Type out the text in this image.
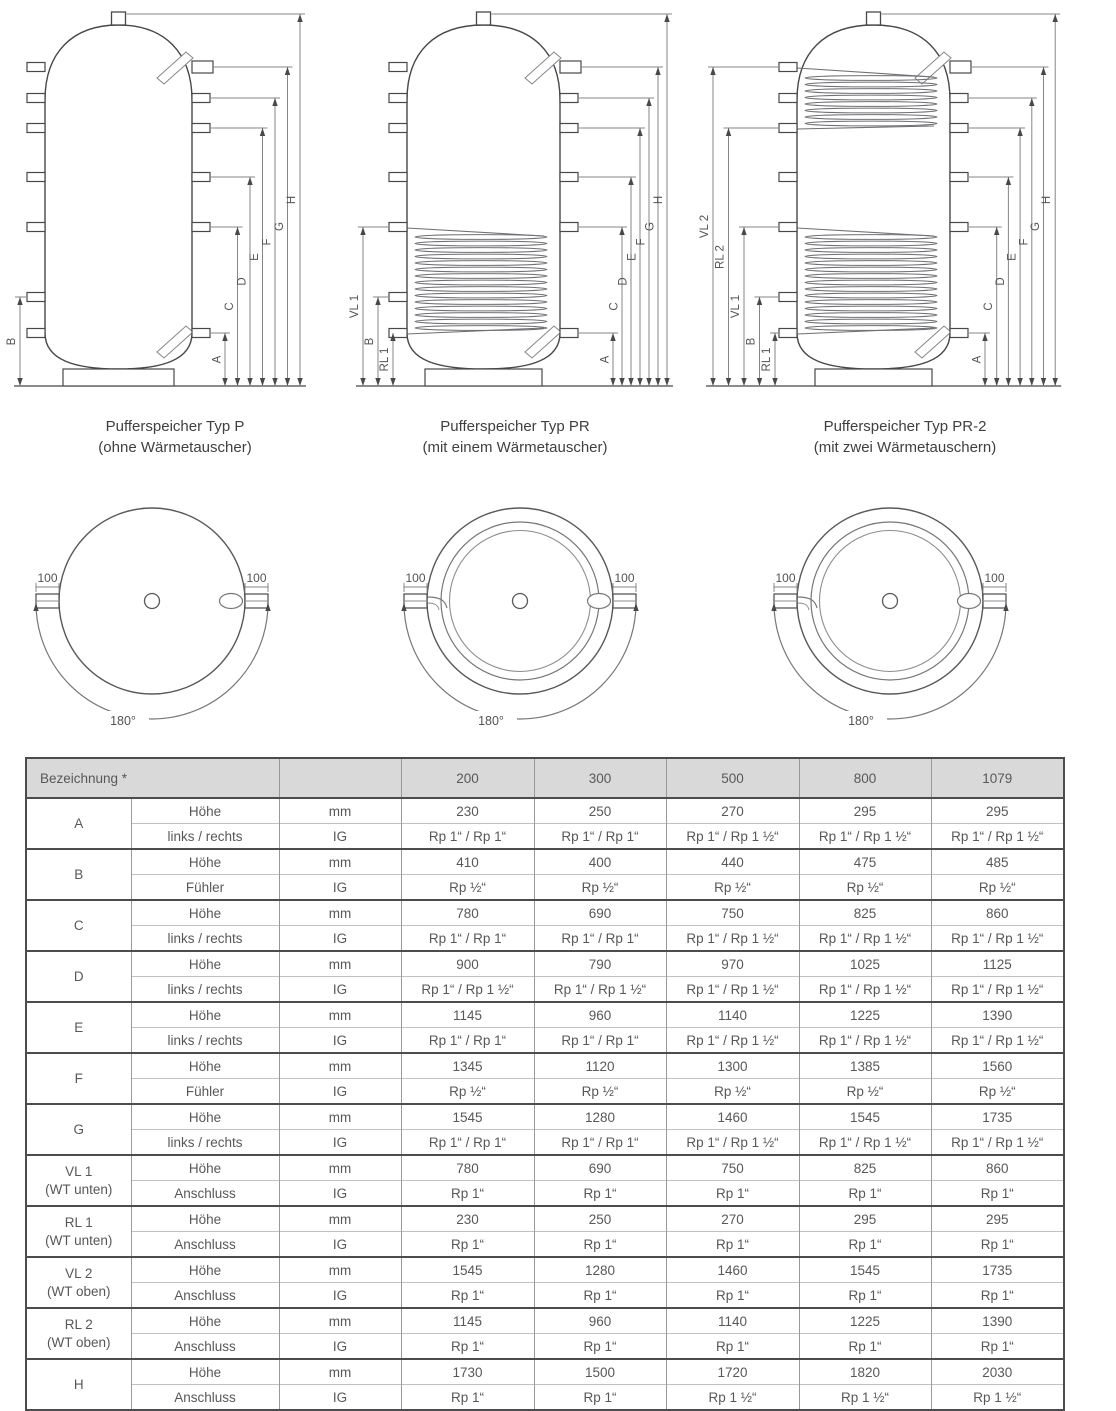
B
A
C
D
E
F
G
H
VL 1
B
RL 1	A
C
D
E
F
G
H
VL 2
RL 2
VL 1
B
RL 1	A
C
D
E
F
G
H
100	100
180°
100	100
180°
100	100
180°
Pufferspeicher Typ P
(ohne Wärmetauscher)
Pufferspeicher Typ PR
(mit einem Wärmetauscher)
Pufferspeicher Typ PR-2
(mit zwei Wärmetauschern)
Bezeichnung *			200	300	500	800	1079

A	Höhe	mm	230	250	270	295	295
	links / rechts	IG	Rp 1“ / Rp 1“	Rp 1“ / Rp 1“	Rp 1“ / Rp 1 ½“	Rp 1“ / Rp 1 ½“	Rp 1“ / Rp 1 ½“

B	Höhe	mm	410	400	440	475	485
	Fühler	IG	Rp ½“	Rp ½“	Rp ½“	Rp ½“	Rp ½“

C	Höhe	mm	780	690	750	825	860
	links / rechts	IG	Rp 1“ / Rp 1“	Rp 1“ / Rp 1“	Rp 1“ / Rp 1 ½“	Rp 1“ / Rp 1 ½“	Rp 1“ / Rp 1 ½“

D	Höhe	mm	900	790	970	1025	1125
	links / rechts	IG	Rp 1“ / Rp 1 ½“	Rp 1“ / Rp 1 ½“	Rp 1“ / Rp 1 ½“	Rp 1“ / Rp 1 ½“	Rp 1“ / Rp 1 ½“

E	Höhe	mm	1145	960	1140	1225	1390
	links / rechts	IG	Rp 1“ / Rp 1“	Rp 1“ / Rp 1“	Rp 1“ / Rp 1 ½“	Rp 1“ / Rp 1 ½“	Rp 1“ / Rp 1 ½“

F	Höhe	mm	1345	1120	1300	1385	1560
	Fühler	IG	Rp ½“	Rp ½“	Rp ½“	Rp ½“	Rp ½“

G	Höhe	mm	1545	1280	1460	1545	1735
	links / rechts	IG	Rp 1“ / Rp 1“	Rp 1“ / Rp 1“	Rp 1“ / Rp 1 ½“	Rp 1“ / Rp 1 ½“	Rp 1“ / Rp 1 ½“

VL 1
(WT unten)	Höhe	mm	780	690	750	825	860
	Anschluss	IG	Rp 1“	Rp 1“	Rp 1“	Rp 1“	Rp 1“

RL 1
(WT unten)	Höhe	mm	230	250	270	295	295
	Anschluss	IG	Rp 1“	Rp 1“	Rp 1“	Rp 1“	Rp 1“

VL 2
(WT oben)	Höhe	mm	1545	1280	1460	1545	1735
	Anschluss	IG	Rp 1“	Rp 1“	Rp 1“	Rp 1“	Rp 1“

RL 2
(WT oben)	Höhe	mm	1145	960	1140	1225	1390
	Anschluss	IG	Rp 1“	Rp 1“	Rp 1“	Rp 1“	Rp 1“

H	Höhe	mm	1730	1500	1720	1820	2030
	Anschluss	IG	Rp 1“	Rp 1“	Rp 1 ½“	Rp 1 ½“	Rp 1 ½“
